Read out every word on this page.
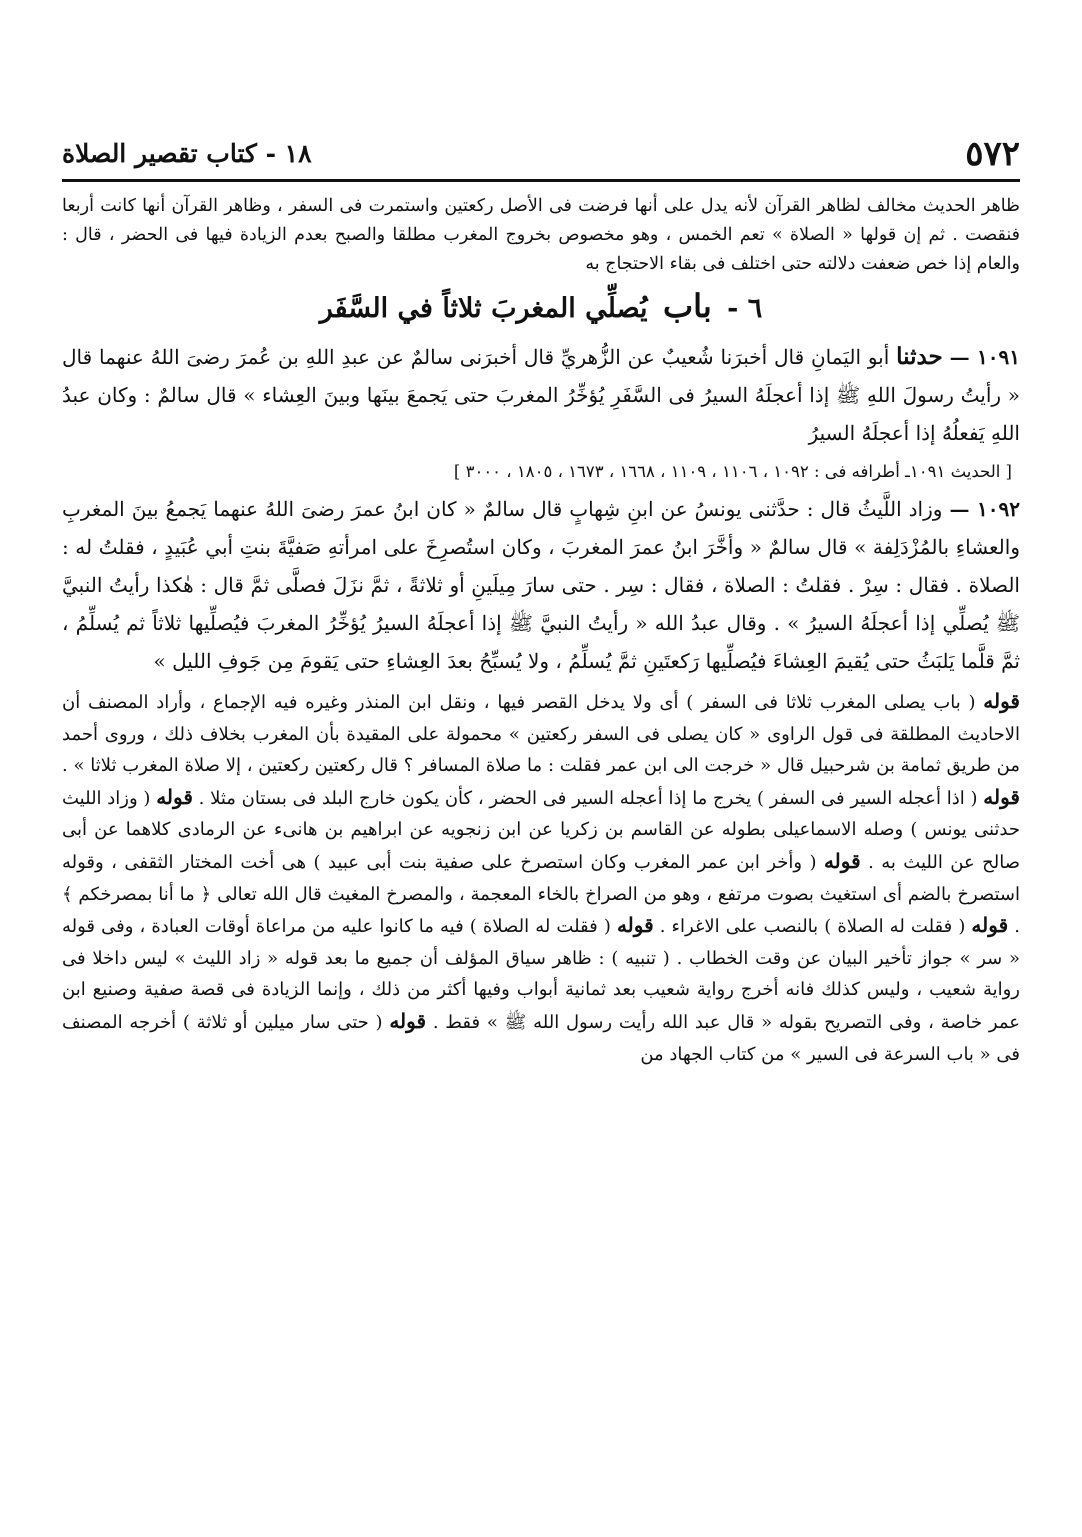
٥٧٢
١٨ - كتاب تقصير الصلاة

ظاهر الحديث مخالف لظاهر القرآن لأنه يدل على أنها فرضت فى الأصل ركعتين واستمرت فى السفر ، وظاهر القرآن أنها كانت أربعا فنقصت . ثم إن قولها « الصلاة » تعم الخمس ، وهو مخصوص بخروج المغرب مطلقا والصبح بعدم الزيادة فيها فى الحضر ، قال : والعام إذا خص ضعفت دلالته حتى اختلف فى بقاء الاحتجاج به

٦ - باب يُصلِّي المغربَ ثلاثاً في السَّفَر

١٠٩١ — حدثنا أبو اليَمانِ قال أخبرَنا شُعيبٌ عن الزُّهريِّ قال أخبرَنى سالمٌ عن عبدِ اللهِ بن عُمرَ رضىَ اللهُ عنهما قال « رأيتُ رسولَ اللهِ ﷺ إذا أعجلَهُ السيرُ فى السَّفَرِ يُؤخِّرُ المغربَ حتى يَجمعَ بينَها وبينَ العِشاء » قال سالمٌ : وكان عبدُ اللهِ يَفعلُهُ إذا أعجلَهُ السيرُ

[ الحديث ١٠٩١ـ أطرافه فى : ١٠٩٢ ، ١١٠٦ ، ١١٠٩ ، ١٦٦٨ ، ١٦٧٣ ، ١٨٠٥ ، ٣٠٠٠ ]

١٠٩٢ — وزاد اللَّيثُ قال : حدَّثنى يونسُ عن ابنِ شِهابٍ قال سالمٌ « كان ابنُ عمرَ رضىَ اللهُ عنهما يَجمعُ بينَ المغربِ والعشاءِ بالمُزْدَلِفة » قال سالمٌ « وأخَّرَ ابنُ عمرَ المغربَ ، وكان استُصرِخَ على امرأتهِ صَفيَّةَ بنتِ أبي عُبَيدٍ ، فقلتُ له : الصلاة . فقال : سِرْ . فقلتُ : الصلاة ، فقال : سِر . حتى سارَ مِيلَينِ أو ثلاثةً ، ثمَّ نزَلَ فصلَّى ثمَّ قال : هٰكذا رأيتُ النبيَّ ﷺ يُصلِّي إذا أعجلَهُ السيرُ » . وقال عبدُ الله « رأيتُ النبيَّ ﷺ إذا أعجلَهُ السيرُ يُؤخِّرُ المغربَ فيُصلِّيها ثلاثاً ثم يُسلِّمُ ، ثمَّ قلَّما يَلبَثُ حتى يُقيمَ العِشاءَ فيُصلِّيها رَكعتَينِ ثمَّ يُسلِّمُ ، ولا يُسبِّحُ بعدَ العِشاءِ حتى يَقومَ مِن جَوفِ الليل »

قوله ( باب يصلى المغرب ثلاثا فى السفر ) أى ولا يدخل القصر فيها ، ونقل ابن المنذر وغيره فيه الإجماع ، وأراد المصنف أن الاحاديث المطلقة فى قول الراوى « كان يصلى فى السفر ركعتين » محمولة على المقيدة بأن المغرب بخلاف ذلك ، وروى أحمد من طريق ثمامة بن شرحبيل قال « خرجت الى ابن عمر فقلت : ما صلاة المسافر ؟ قال ركعتين ركعتين ، إلا صلاة المغرب ثلاثا » . قوله ( اذا أعجله السير فى السفر ) يخرج ما إذا أعجله السير فى الحضر ، كأن يكون خارج البلد فى بستان مثلا . قوله ( وزاد الليث حدثنى يونس ) وصله الاسماعيلى بطوله عن القاسم بن زكريا عن ابن زنجويه عن ابراهيم بن هانىء عن الرمادى كلاهما عن أبى صالح عن الليث به . قوله ( وأخر ابن عمر المغرب وكان استصرخ على صفية بنت أبى عبيد ) هى أخت المختار الثقفى ، وقوله استصرخ بالضم أى استغيث بصوت مرتفع ، وهو من الصراخ بالخاء المعجمة ، والمصرخ المغيث قال الله تعالى ﴿ ما أنا بمصرخكم ﴾ . قوله ( فقلت له الصلاة ) بالنصب على الاغراء . قوله ( فقلت له الصلاة ) فيه ما كانوا عليه من مراعاة أوقات العبادة ، وفى قوله « سر » جواز تأخير البيان عن وقت الخطاب . ( تنبيه ) : ظاهر سياق المؤلف أن جميع ما بعد قوله « زاد الليث » ليس داخلا فى رواية شعيب ، وليس كذلك فانه أخرج رواية شعيب بعد ثمانية أبواب وفيها أكثر من ذلك ، وإنما الزيادة فى قصة صفية وصنيع ابن عمر خاصة ، وفى التصريح بقوله « قال عبد الله رأيت رسول الله ﷺ » فقط . قوله ( حتى سار ميلين أو ثلاثة ) أخرجه المصنف فى « باب السرعة فى السير » من كتاب الجهاد من
